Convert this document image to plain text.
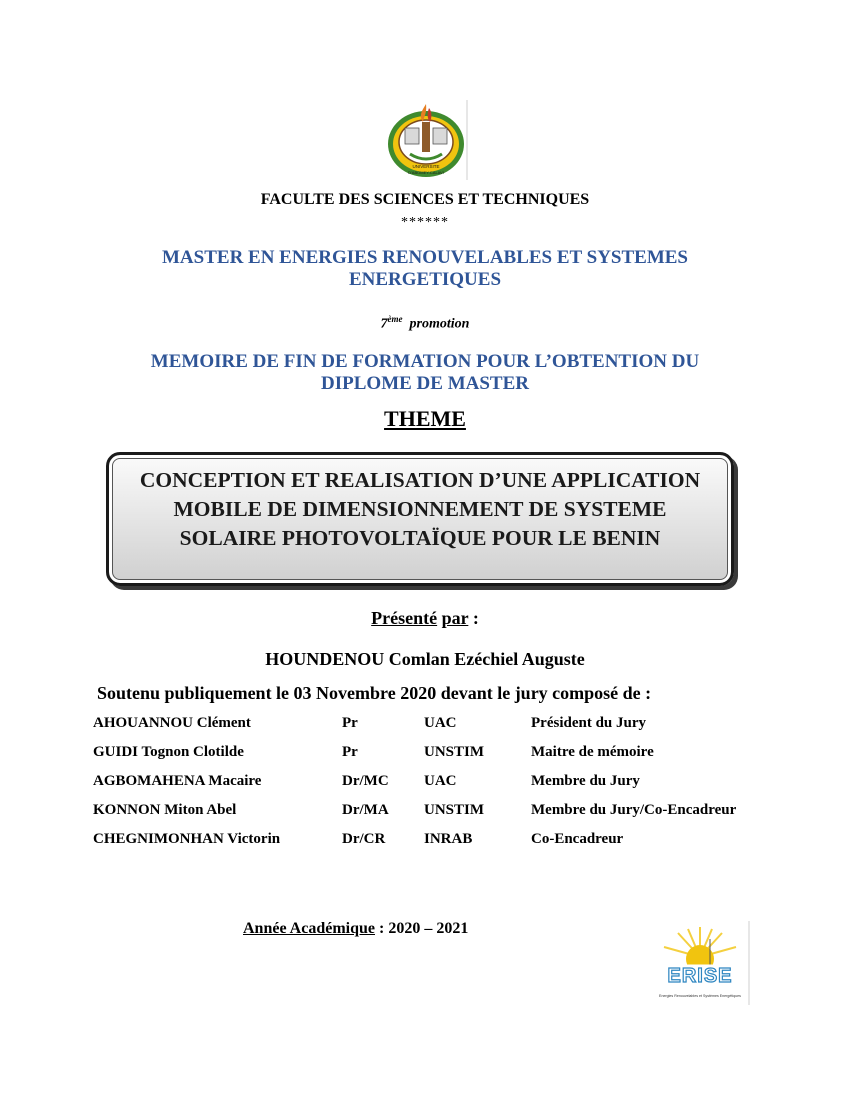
UNIVERSITE
D'ABOMEY-CALAVI
FACULTE DES SCIENCES ET TECHNIQUES
******
MASTER EN ENERGIES RENOUVELABLES ET SYSTEMES
ENERGETIQUES
7ème promotion
MEMOIRE DE FIN DE FORMATION POUR L’OBTENTION DU
DIPLOME DE MASTER
THEME
CONCEPTION ET REALISATION D’UNE APPLICATION
MOBILE DE DIMENSIONNEMENT DE SYSTEME
SOLAIRE PHOTOVOLTAÏQUE POUR LE BENIN
Présenté par :
HOUNDENOU Comlan Ezéchiel Auguste
Soutenu publiquement le 03 Novembre 2020 devant le jury composé de :
AHOUANNOU Clément	Pr	UAC	Président du Jury
GUIDI Tognon Clotilde	Pr	UNSTIM	Maitre de mémoire
AGBOMAHENA Macaire	Dr/MC UAC	Membre du Jury
KONNON Miton Abel	Dr/MA UNSTIM	Membre du Jury/Co-Encadreur
CHEGNIMONHAN Victorin	Dr/CR	INRAB	Co-Encadreur
Année Académique : 2020 – 2021
ERISE
Energies Renouvelables et Systèmes Energétiques
